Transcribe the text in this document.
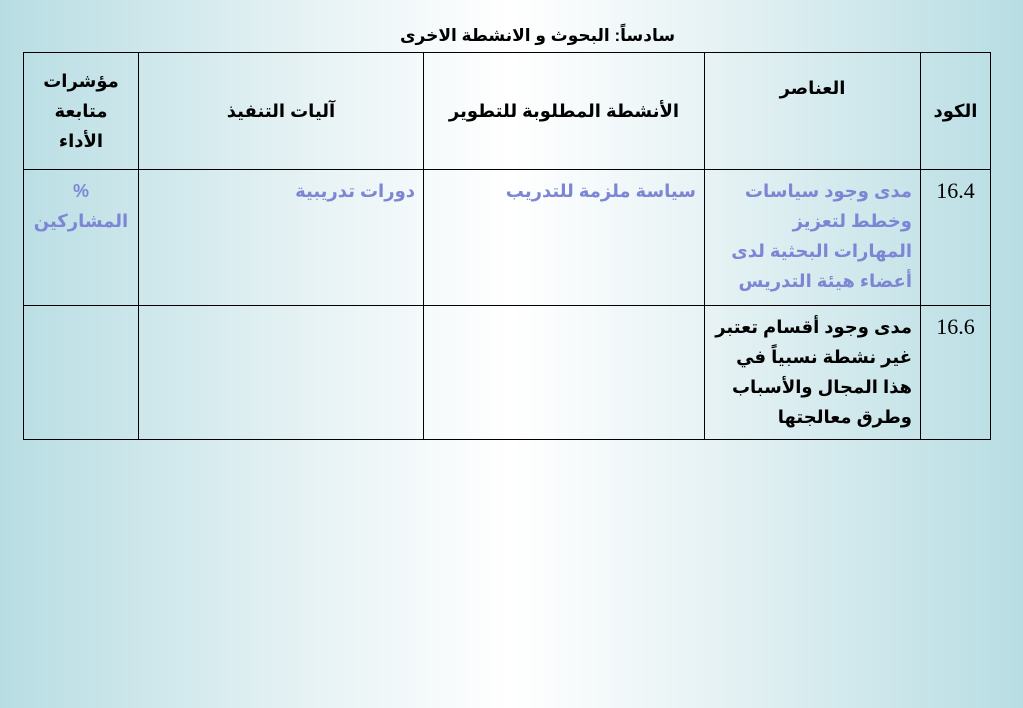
سادساً: البحوث و الانشطة الاخرى
الكود	العناصر	الأنشطة المطلوبة للتطوير	آليات التنفيذ	مؤشرات متابعة الأداء
16.4	مدى وجود سياسات وخطط لتعزيز المهارات البحثية لدى أعضاء هيئة التدريس	سياسة ملزمة للتدريب	دورات تدريبية	% المشاركين
16.6	مدى وجود أقسام تعتبر غير نشطة نسبياً في هذا المجال والأسباب وطرق معالجتها			
